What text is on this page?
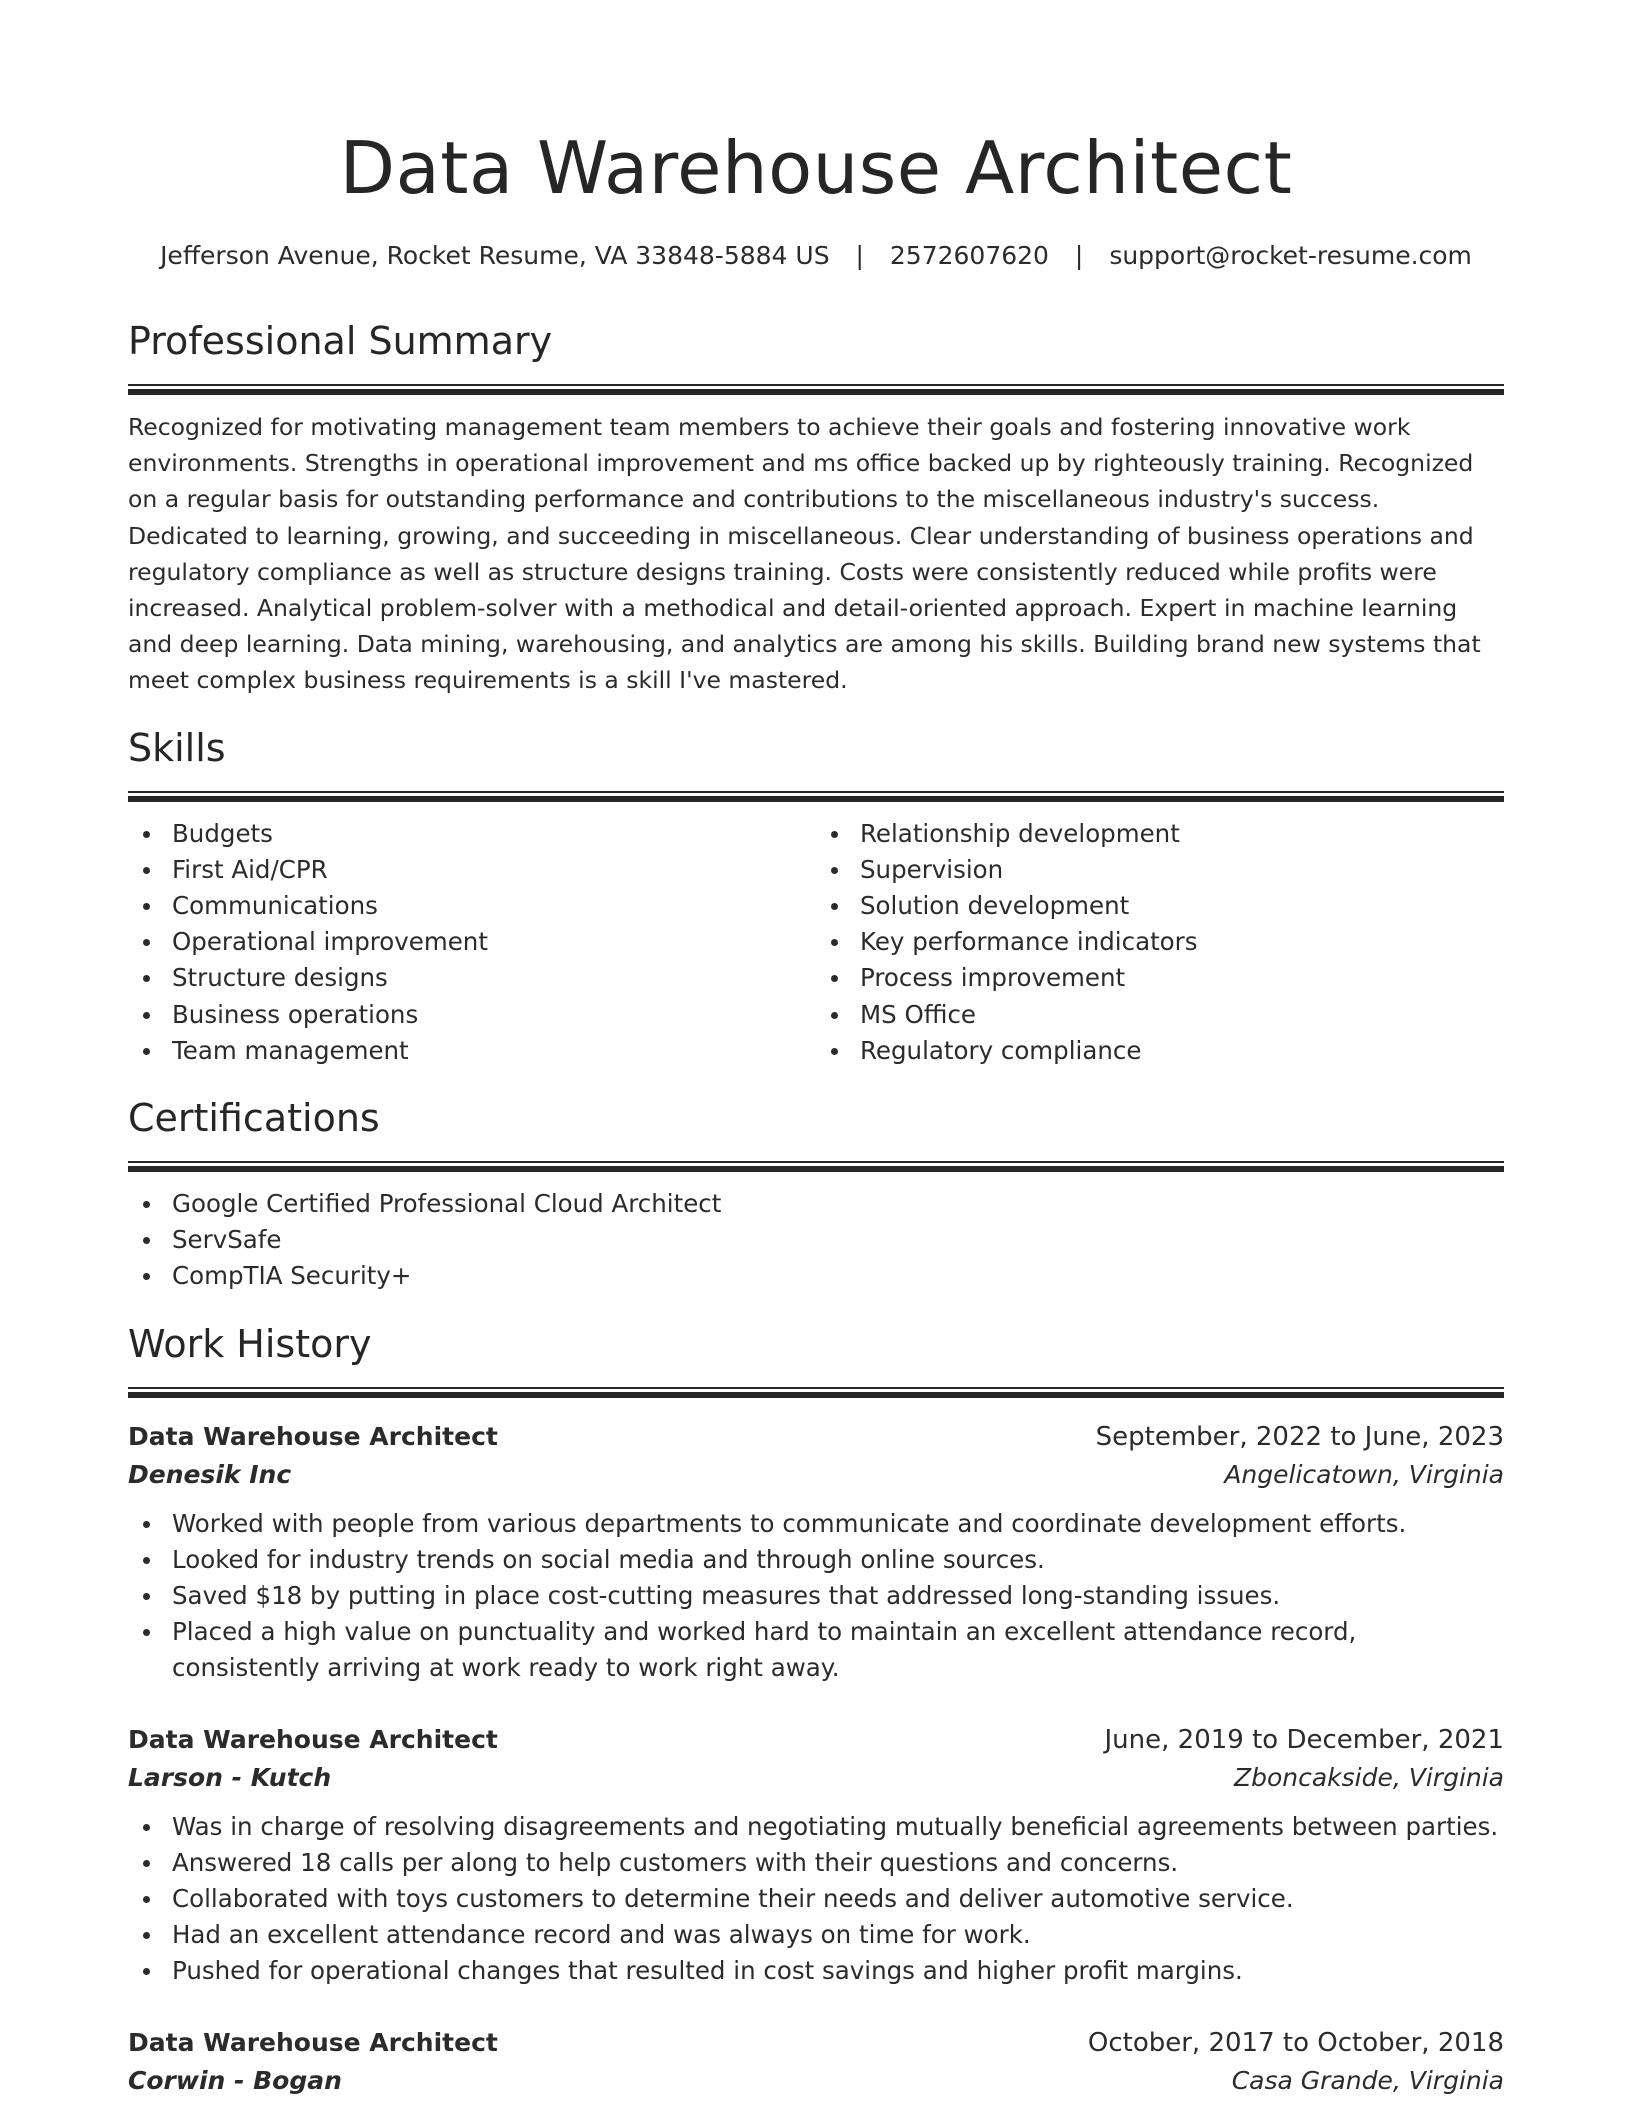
Data Warehouse Architect
Jefferson Avenue, Rocket Resume, VA 33848-5884 US | 2572607620 | support@rocket-resume.com
Professional Summary

Recognized for motivating management team members to achieve their goals and fostering innovative work environments. Strengths in operational improvement and ms office backed up by righteously training. Recognized on a regular basis for outstanding performance and contributions to the miscellaneous industry's success. Dedicated to learning, growing, and succeeding in miscellaneous. Clear understanding of business operations and regulatory compliance as well as structure designs training. Costs were consistently reduced while profits were increased. Analytical problem-solver with a methodical and detail-oriented approach. Expert in machine learning and deep learning. Data mining, warehousing, and analytics are among his skills. Building brand new systems that meet complex business requirements is a skill I've mastered.

Skills
Budgets
First Aid/CPR
Communications
Operational improvement
Structure designs
Business operations
Team management
Relationship development
Supervision
Solution development
Key performance indicators
Process improvement
MS Office
Regulatory compliance
Certifications
Google Certified Professional Cloud Architect
ServSafe
CompTIA Security+
Work History
Data Warehouse Architect	September, 2022 to June, 2023
Denesik Inc	Angelicatown, Virginia
Worked with people from various departments to communicate and coordinate development efforts.
Looked for industry trends on social media and through online sources.
Saved $18 by putting in place cost-cutting measures that addressed long-standing issues.
Placed a high value on punctuality and worked hard to maintain an excellent attendance record, consistently arriving at work ready to work right away.
Data Warehouse Architect	June, 2019 to December, 2021
Larson - Kutch	Zboncakside, Virginia
Was in charge of resolving disagreements and negotiating mutually beneficial agreements between parties.
Answered 18 calls per along to help customers with their questions and concerns.
Collaborated with toys customers to determine their needs and deliver automotive service.
Had an excellent attendance record and was always on time for work.
Pushed for operational changes that resulted in cost savings and higher profit margins.
Data Warehouse Architect	October, 2017 to October, 2018
Corwin - Bogan	Casa Grande, Virginia
